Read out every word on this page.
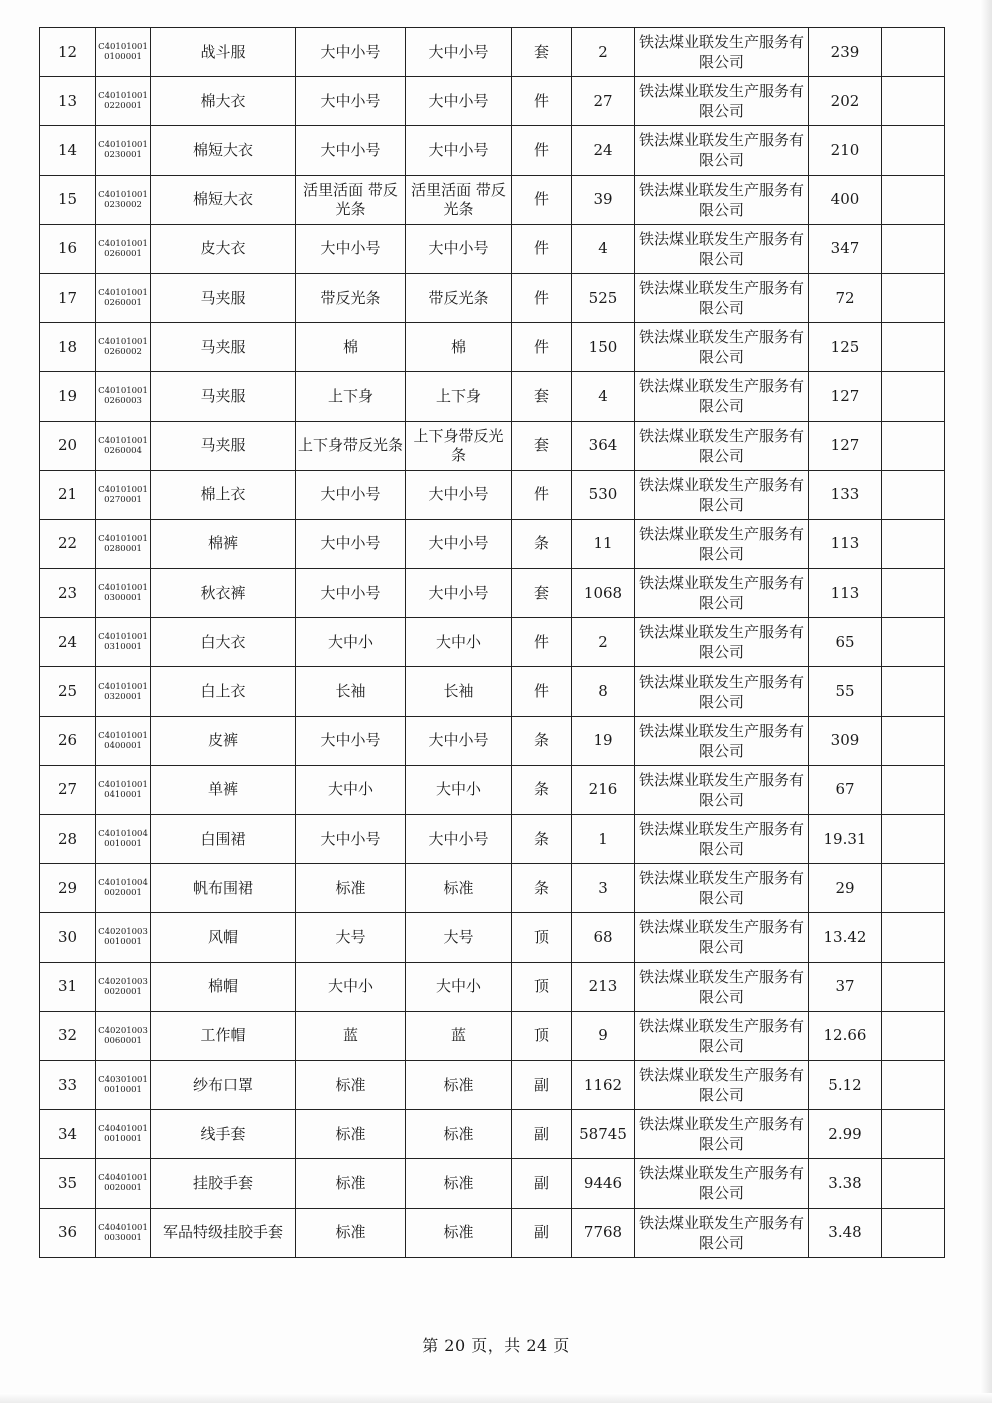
12	C401010010100001	战斗服	大中小号	大中小号	套	2	铁法煤业联发生产服务有限公司	239	
13	C401010010220001	棉大衣	大中小号	大中小号	件	27	铁法煤业联发生产服务有限公司	202	
14	C401010010230001	棉短大衣	大中小号	大中小号	件	24	铁法煤业联发生产服务有限公司	210	
15	C401010010230002	棉短大衣	活里活面 带反光条	活里活面 带反光条	件	39	铁法煤业联发生产服务有限公司	400	
16	C401010010260001	皮大衣	大中小号	大中小号	件	4	铁法煤业联发生产服务有限公司	347	
17	C401010010260001	马夹服	带反光条	带反光条	件	525	铁法煤业联发生产服务有限公司	72	
18	C401010010260002	马夹服	棉	棉	件	150	铁法煤业联发生产服务有限公司	125	
19	C401010010260003	马夹服	上下身	上下身	套	4	铁法煤业联发生产服务有限公司	127	
20	C401010010260004	马夹服	上下身带反光条	上下身带反光条	套	364	铁法煤业联发生产服务有限公司	127	
21	C401010010270001	棉上衣	大中小号	大中小号	件	530	铁法煤业联发生产服务有限公司	133	
22	C401010010280001	棉裤	大中小号	大中小号	条	11	铁法煤业联发生产服务有限公司	113	
23	C401010010300001	秋衣裤	大中小号	大中小号	套	1068	铁法煤业联发生产服务有限公司	113	
24	C401010010310001	白大衣	大中小	大中小	件	2	铁法煤业联发生产服务有限公司	65	
25	C401010010320001	白上衣	长袖	长袖	件	8	铁法煤业联发生产服务有限公司	55	
26	C401010010400001	皮裤	大中小号	大中小号	条	19	铁法煤业联发生产服务有限公司	309	
27	C401010010410001	单裤	大中小	大中小	条	216	铁法煤业联发生产服务有限公司	67	
28	C401010040010001	白围裙	大中小号	大中小号	条	1	铁法煤业联发生产服务有限公司	19.31	
29	C401010040020001	帆布围裙	标准	标准	条	3	铁法煤业联发生产服务有限公司	29	
30	C402010030010001	风帽	大号	大号	顶	68	铁法煤业联发生产服务有限公司	13.42	
31	C402010030020001	棉帽	大中小	大中小	顶	213	铁法煤业联发生产服务有限公司	37	
32	C402010030060001	工作帽	蓝	蓝	顶	9	铁法煤业联发生产服务有限公司	12.66	
33	C403010010010001	纱布口罩	标准	标准	副	1162	铁法煤业联发生产服务有限公司	5.12	
34	C404010010010001	线手套	标准	标准	副	58745	铁法煤业联发生产服务有限公司	2.99	
35	C404010010020001	挂胶手套	标准	标准	副	9446	铁法煤业联发生产服务有限公司	3.38	
36	C404010010030001	军品特级挂胶手套	标准	标准	副	7768	铁法煤业联发生产服务有限公司	3.48	
第 20 页，共 24 页
